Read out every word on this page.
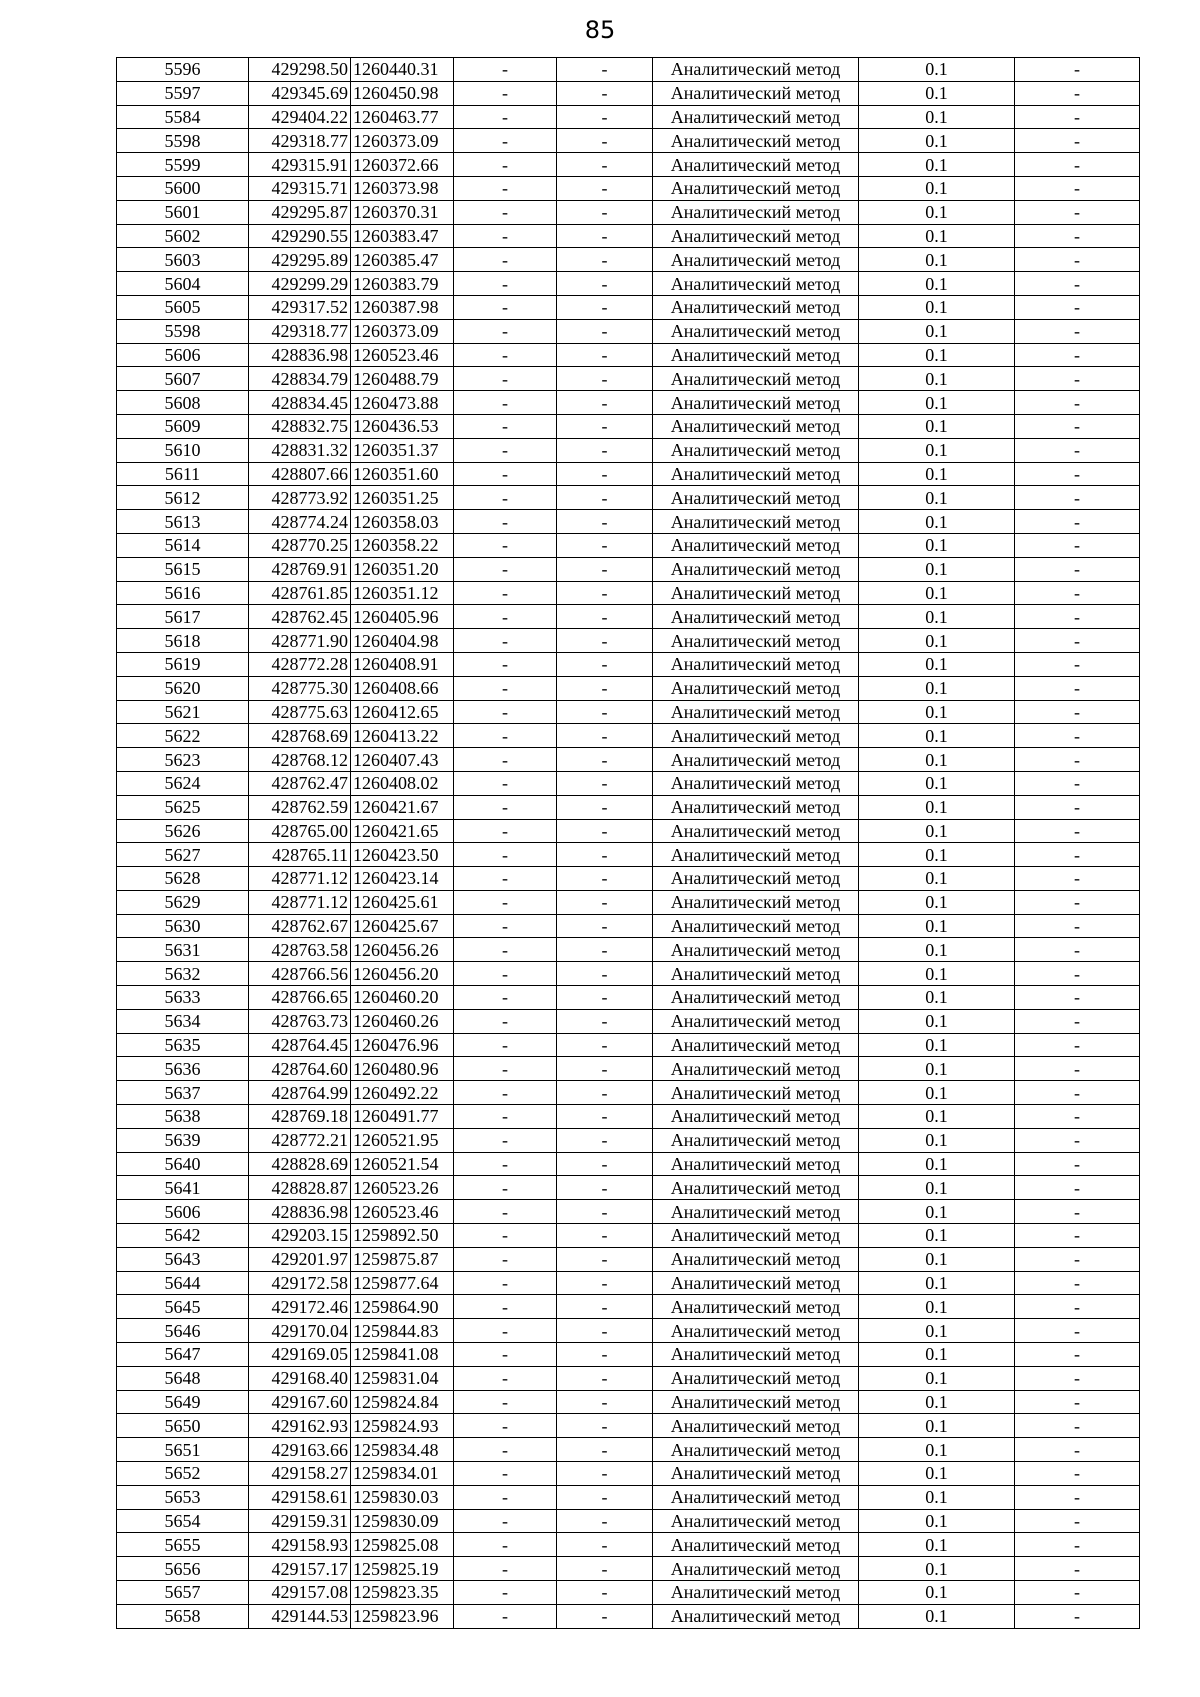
85
5596	429298.50	1260440.31	-	-	Аналитический метод	0.1	-
5597	429345.69	1260450.98	-	-	Аналитический метод	0.1	-
5584	429404.22	1260463.77	-	-	Аналитический метод	0.1	-
5598	429318.77	1260373.09	-	-	Аналитический метод	0.1	-
5599	429315.91	1260372.66	-	-	Аналитический метод	0.1	-
5600	429315.71	1260373.98	-	-	Аналитический метод	0.1	-
5601	429295.87	1260370.31	-	-	Аналитический метод	0.1	-
5602	429290.55	1260383.47	-	-	Аналитический метод	0.1	-
5603	429295.89	1260385.47	-	-	Аналитический метод	0.1	-
5604	429299.29	1260383.79	-	-	Аналитический метод	0.1	-
5605	429317.52	1260387.98	-	-	Аналитический метод	0.1	-
5598	429318.77	1260373.09	-	-	Аналитический метод	0.1	-
5606	428836.98	1260523.46	-	-	Аналитический метод	0.1	-
5607	428834.79	1260488.79	-	-	Аналитический метод	0.1	-
5608	428834.45	1260473.88	-	-	Аналитический метод	0.1	-
5609	428832.75	1260436.53	-	-	Аналитический метод	0.1	-
5610	428831.32	1260351.37	-	-	Аналитический метод	0.1	-
5611	428807.66	1260351.60	-	-	Аналитический метод	0.1	-
5612	428773.92	1260351.25	-	-	Аналитический метод	0.1	-
5613	428774.24	1260358.03	-	-	Аналитический метод	0.1	-
5614	428770.25	1260358.22	-	-	Аналитический метод	0.1	-
5615	428769.91	1260351.20	-	-	Аналитический метод	0.1	-
5616	428761.85	1260351.12	-	-	Аналитический метод	0.1	-
5617	428762.45	1260405.96	-	-	Аналитический метод	0.1	-
5618	428771.90	1260404.98	-	-	Аналитический метод	0.1	-
5619	428772.28	1260408.91	-	-	Аналитический метод	0.1	-
5620	428775.30	1260408.66	-	-	Аналитический метод	0.1	-
5621	428775.63	1260412.65	-	-	Аналитический метод	0.1	-
5622	428768.69	1260413.22	-	-	Аналитический метод	0.1	-
5623	428768.12	1260407.43	-	-	Аналитический метод	0.1	-
5624	428762.47	1260408.02	-	-	Аналитический метод	0.1	-
5625	428762.59	1260421.67	-	-	Аналитический метод	0.1	-
5626	428765.00	1260421.65	-	-	Аналитический метод	0.1	-
5627	428765.11	1260423.50	-	-	Аналитический метод	0.1	-
5628	428771.12	1260423.14	-	-	Аналитический метод	0.1	-
5629	428771.12	1260425.61	-	-	Аналитический метод	0.1	-
5630	428762.67	1260425.67	-	-	Аналитический метод	0.1	-
5631	428763.58	1260456.26	-	-	Аналитический метод	0.1	-
5632	428766.56	1260456.20	-	-	Аналитический метод	0.1	-
5633	428766.65	1260460.20	-	-	Аналитический метод	0.1	-
5634	428763.73	1260460.26	-	-	Аналитический метод	0.1	-
5635	428764.45	1260476.96	-	-	Аналитический метод	0.1	-
5636	428764.60	1260480.96	-	-	Аналитический метод	0.1	-
5637	428764.99	1260492.22	-	-	Аналитический метод	0.1	-
5638	428769.18	1260491.77	-	-	Аналитический метод	0.1	-
5639	428772.21	1260521.95	-	-	Аналитический метод	0.1	-
5640	428828.69	1260521.54	-	-	Аналитический метод	0.1	-
5641	428828.87	1260523.26	-	-	Аналитический метод	0.1	-
5606	428836.98	1260523.46	-	-	Аналитический метод	0.1	-
5642	429203.15	1259892.50	-	-	Аналитический метод	0.1	-
5643	429201.97	1259875.87	-	-	Аналитический метод	0.1	-
5644	429172.58	1259877.64	-	-	Аналитический метод	0.1	-
5645	429172.46	1259864.90	-	-	Аналитический метод	0.1	-
5646	429170.04	1259844.83	-	-	Аналитический метод	0.1	-
5647	429169.05	1259841.08	-	-	Аналитический метод	0.1	-
5648	429168.40	1259831.04	-	-	Аналитический метод	0.1	-
5649	429167.60	1259824.84	-	-	Аналитический метод	0.1	-
5650	429162.93	1259824.93	-	-	Аналитический метод	0.1	-
5651	429163.66	1259834.48	-	-	Аналитический метод	0.1	-
5652	429158.27	1259834.01	-	-	Аналитический метод	0.1	-
5653	429158.61	1259830.03	-	-	Аналитический метод	0.1	-
5654	429159.31	1259830.09	-	-	Аналитический метод	0.1	-
5655	429158.93	1259825.08	-	-	Аналитический метод	0.1	-
5656	429157.17	1259825.19	-	-	Аналитический метод	0.1	-
5657	429157.08	1259823.35	-	-	Аналитический метод	0.1	-
5658	429144.53	1259823.96	-	-	Аналитический метод	0.1	-
